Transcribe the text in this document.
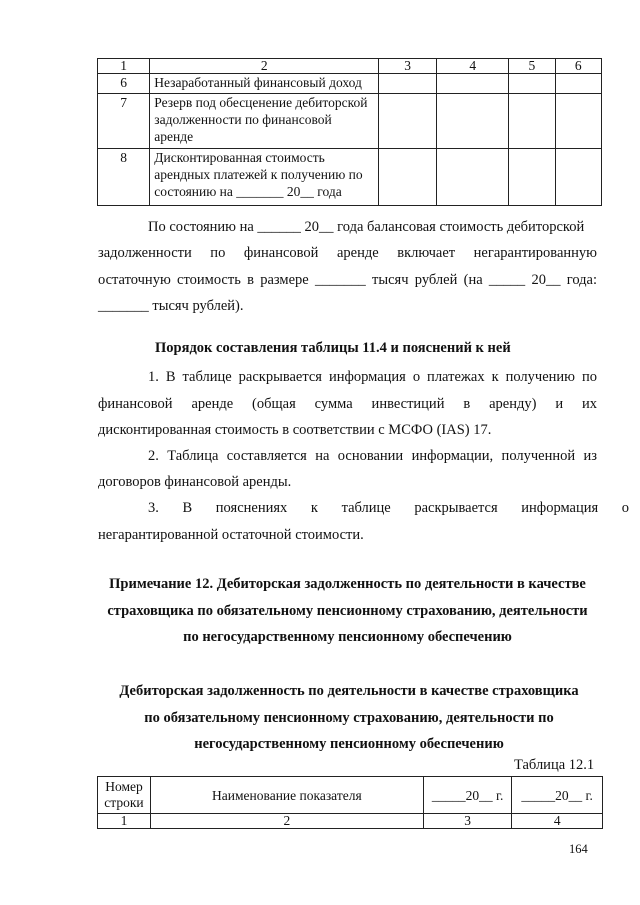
1	2	3	4	5	6
6	Незаработанный финансовый доход				

7	Резерв под обесценение дебиторской
задолженности по финансовой
аренде				

8	Дисконтированная стоимость
арендных платежей к получению по
состоянию на _______ 20__ года				

По состоянию на ______ 20__ года балансовая стоимость дебиторской
задолженности по финансовой аренде включает негарантированную
остаточную стоимость в размере _______ тысяч рублей (на _____ 20__ года:
_______ тысяч рублей).
Порядок составления таблицы 11.4 и пояснений к ней
1. В таблице раскрывается информация о платежах к получению по
финансовой аренде (общая сумма инвестиций в аренду) и их
дисконтированная стоимость в соответствии с МСФО (IAS) 17.
2. Таблица составляется на основании информации, полученной из
договоров финансовой аренды.
3. В пояснениях к таблице раскрывается информация о
негарантированной остаточной стоимости.
Примечание 12. Дебиторская задолженность по деятельности в качестве
страховщика по обязательному пенсионному страхованию, деятельности
по негосударственному пенсионному обеспечению
Дебиторская задолженность по деятельности в качестве страховщика
по обязательному пенсионному страхованию, деятельности по
негосударственному пенсионному обеспечению
Таблица 12.1
Номер
строки	Наименование показателя	_____20__ г.	_____20__ г.
1	2	3	4
164
